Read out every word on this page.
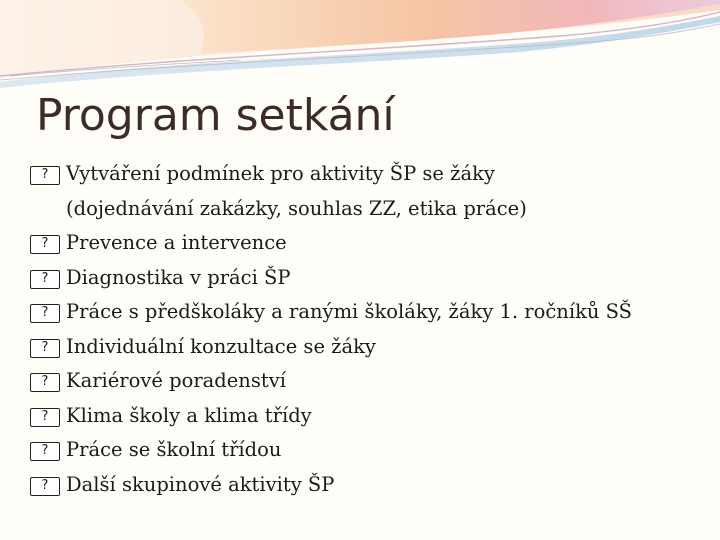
Program setkání
?
Vytváření podmínek pro aktivity ŠP se žáky
(dojednávání zakázky, souhlas ZZ, etika práce)
?
Prevence a intervence
?
Diagnostika v práci ŠP
?
Práce s předškoláky a ranými školáky, žáky 1. ročníků SŠ
?
Individuální konzultace se žáky
?
Kariérové poradenství
?
Klima školy a klima třídy
?
Práce se školní třídou
?
Další skupinové aktivity ŠP
